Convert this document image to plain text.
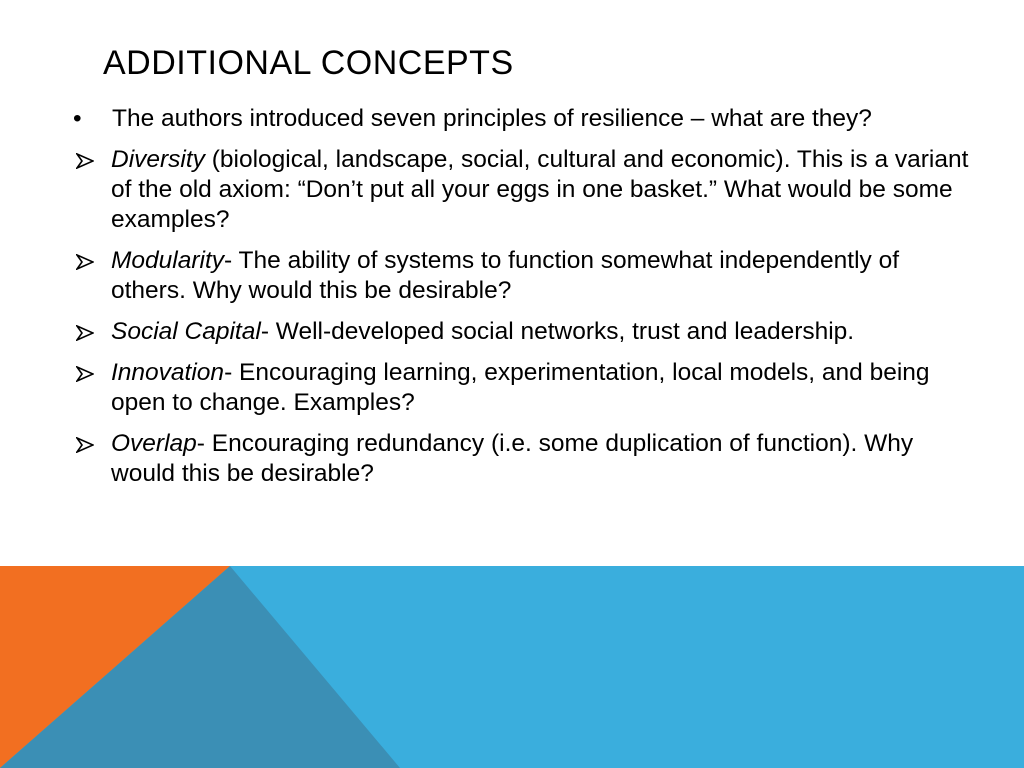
ADDITIONAL CONCEPTS
•	The authors introduced seven principles of resilience – what are they?
Diversity (biological, landscape, social, cultural and economic). This is a variant of the old axiom: “Don’t put all your eggs in one basket.” What would be some examples?
Modularity- The ability of systems to function somewhat independently of others. Why would this be desirable?
Social Capital- Well-developed social networks, trust and leadership.
Innovation- Encouraging learning, experimentation, local models, and being open to change. Examples?
Overlap- Encouraging redundancy (i.e. some duplication of function). Why would this be desirable?
